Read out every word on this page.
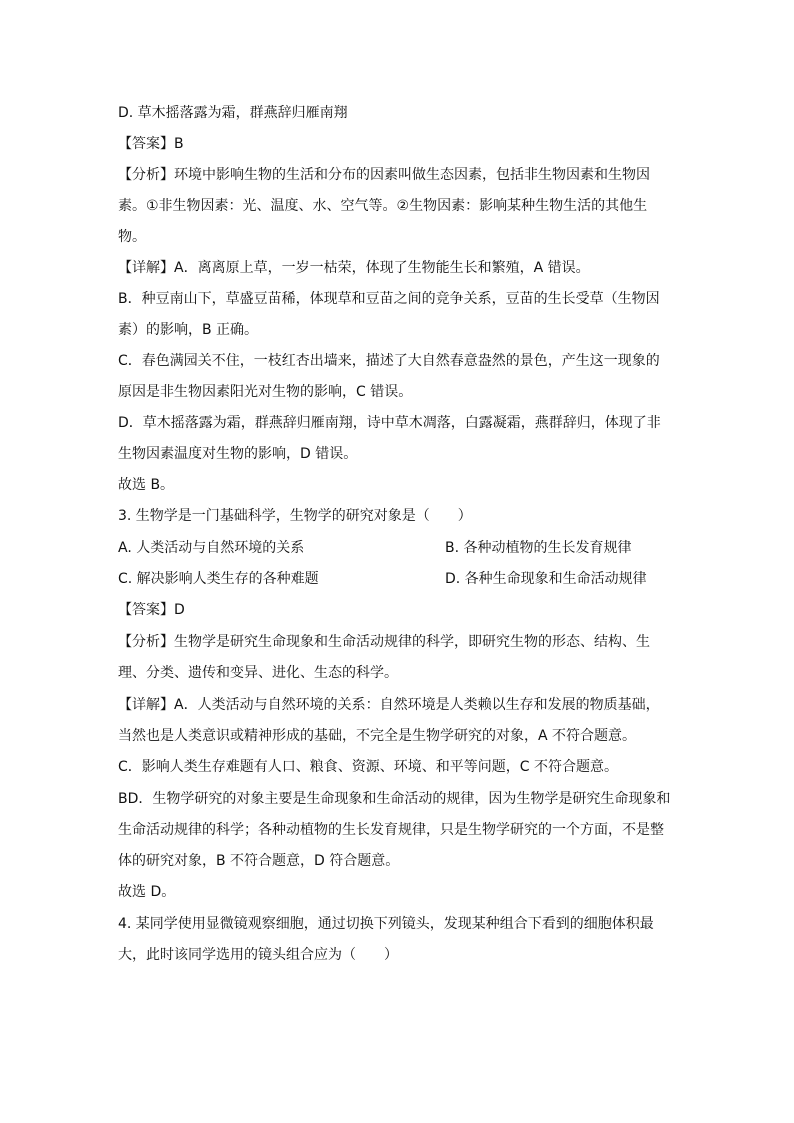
D. 草木摇落露为霜，群燕辞归雁南翔
【答案】B
【分析】环境中影响生物的生活和分布的因素叫做生态因素，包括非生物因素和生物因
素。①非生物因素：光、温度、水、空气等。②生物因素：影响某种生物生活的其他生
物。
【详解】A．离离原上草，一岁一枯荣，体现了生物能生长和繁殖，A 错误。
B．种豆南山下，草盛豆苗稀，体现草和豆苗之间的竞争关系，豆苗的生长受草（生物因
素）的影响，B 正确。
C．春色满园关不住，一枝红杏出墙来，描述了大自然春意盎然的景色，产生这一现象的
原因是非生物因素阳光对生物的影响，C 错误。
D．草木摇落露为霜，群燕辞归雁南翔，诗中草木凋落，白露凝霜，燕群辞归，体现了非
生物因素温度对生物的影响，D 错误。
故选 B。
3. 生物学是一门基础科学，生物学的研究对象是（　　）
A. 人类活动与自然环境的关系	B. 各种动植物的生长发育规律
C. 解决影响人类生存的各种难题	D. 各种生命现象和生命活动规律
【答案】D
【分析】生物学是研究生命现象和生命活动规律的科学，即研究生物的形态、结构、生
理、分类、遗传和变异、进化、生态的科学。
【详解】A．人类活动与自然环境的关系：自然环境是人类赖以生存和发展的物质基础，
当然也是人类意识或精神形成的基础，不完全是生物学研究的对象，A 不符合题意。
C．影响人类生存难题有人口、粮食、资源、环境、和平等问题，C 不符合题意。
BD．生物学研究的对象主要是生命现象和生命活动的规律，因为生物学是研究生命现象和
生命活动规律的科学；各种动植物的生长发育规律，只是生物学研究的一个方面，不是整
体的研究对象，B 不符合题意，D 符合题意。
故选 D。
4. 某同学使用显微镜观察细胞，通过切换下列镜头，发现某种组合下看到的细胞体积最
大，此时该同学选用的镜头组合应为（　　）
